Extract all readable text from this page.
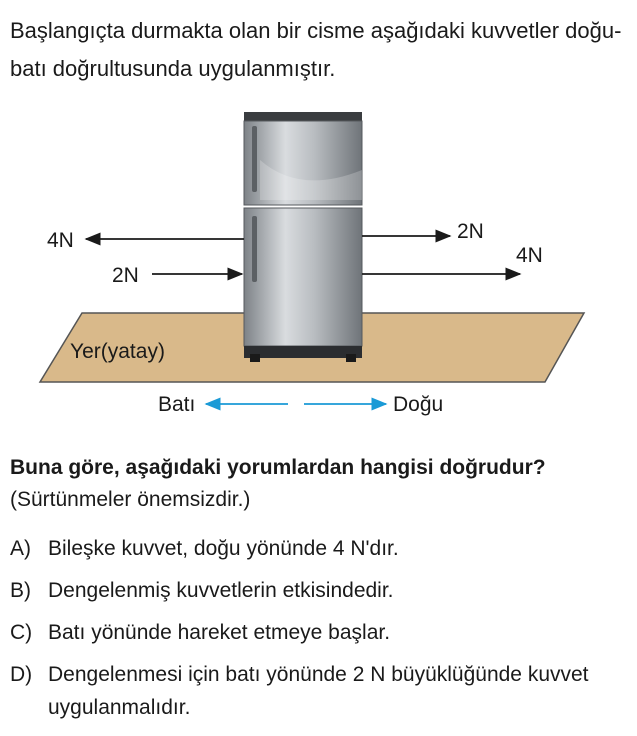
Başlangıçta durmakta olan bir cisme aşağıdaki kuvvetler doğu-batı doğrultusunda uygulanmıştır.

Yer(yatay)
4N
2N
2N
4N
Batı	Doğu

Buna göre, aşağıdaki yorumlardan hangisi doğrudur?
(Sürtünmeler önemsizdir.)

A) Bileşke kuvvet, doğu yönünde 4 N'dır.
B) Dengelenmiş kuvvetlerin etkisindedir.
C) Batı yönünde hareket etmeye başlar.
D) Dengelenmesi için batı yönünde 2 N büyüklüğünde kuvvet uygulanmalıdır.
